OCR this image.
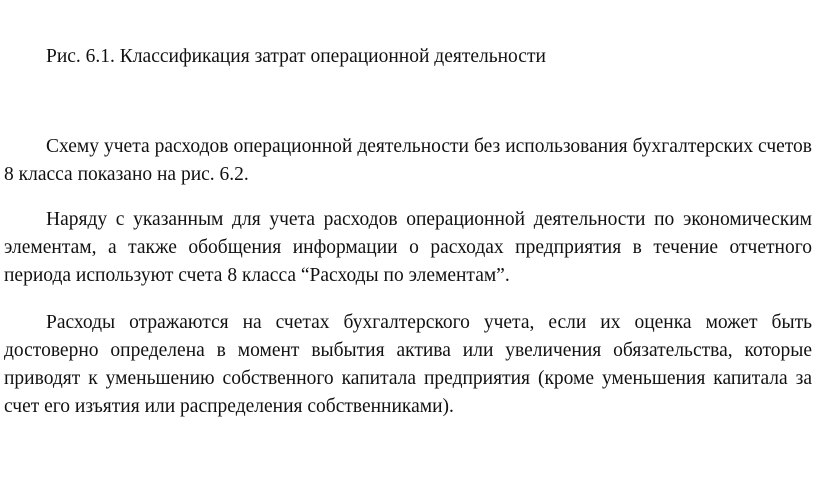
Рис. 6.1. Классификация затрат операционной деятельности

Схему учета расходов операционной деятельности без использования бухгалтерских счетов 8 класса показано на рис. 6.2.

Наряду с указанным для учета расходов операционной деятельности по экономическим элементам, а также обобщения информации о расходах предприятия в течение отчетного периода используют счета 8 класса “Расходы по элементам”.

Расходы отражаются на счетах бухгалтерского учета, если их оценка может быть достоверно определена в момент выбытия актива или увеличения обязательства, которые приводят к уменьшению собственного капитала предприятия (кроме уменьшения капитала за счет его изъятия или распределения собственниками).
